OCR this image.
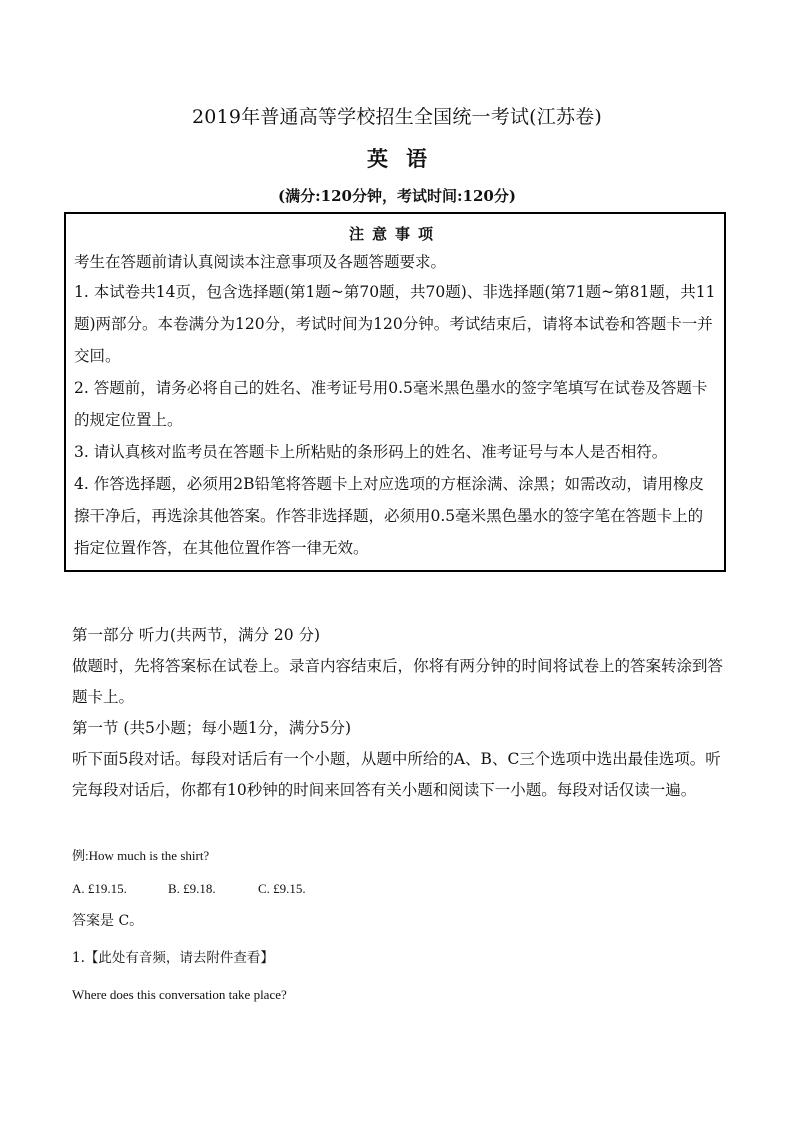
2019年普通高等学校招生全国统一考试(江苏卷)
英语
(满分:120分钟，考试时间:120分)
注意事项

考生在答题前请认真阅读本注意事项及各题答题要求。

1. 本试卷共14页，包含选择题(第1题~第70题，共70题)、非选择题(第71题~第81题，共11题)两部分。本卷满分为120分，考试时间为120分钟。考试结束后，请将本试卷和答题卡一并交回。

2. 答题前，请务必将自己的姓名、准考证号用0.5毫米黑色墨水的签字笔填写在试卷及答题卡的规定位置上。

3. 请认真核对监考员在答题卡上所粘贴的条形码上的姓名、准考证号与本人是否相符。

4. 作答选择题，必须用2B铅笔将答题卡上对应选项的方框涂满、涂黑；如需改动，请用橡皮擦干净后，再选涂其他答案。作答非选择题，必须用0.5毫米黑色墨水的签字笔在答题卡上的指定位置作答，在其他位置作答一律无效。

第一部分 听力(共两节，满分 20 分)

做题时，先将答案标在试卷上。录音内容结束后，你将有两分钟的时间将试卷上的答案转涂到答题卡上。

第一节 (共5小题；每小题1分，满分5分)

听下面5段对话。每段对话后有一个小题，从题中所给的A、B、C三个选项中选出最佳选项。听完每段对话后，你都有10秒钟的时间来回答有关小题和阅读下一小题。每段对话仅读一遍。

例:How much is the shirt?

A. £19.15.	B. £9.18.	C. £9.15.

答案是 C。

1.【此处有音频，请去附件查看】

Where does this conversation take place?
